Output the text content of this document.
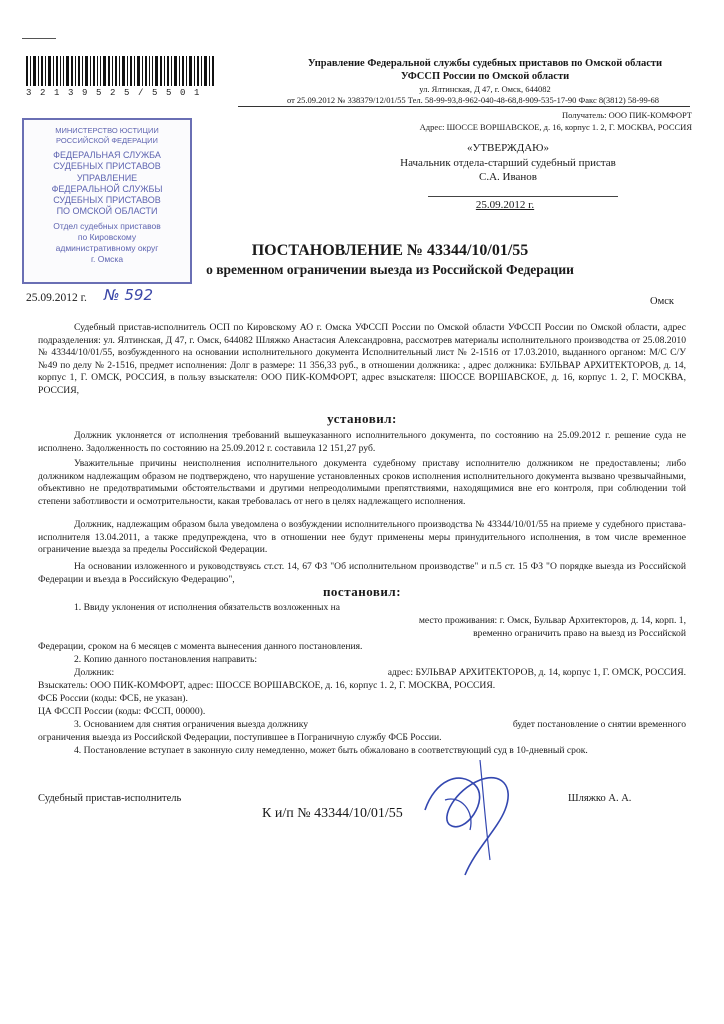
3 2 1 3 9 5 2 5 / 5 5 0 1
Управление Федеральной службы судебных приставов по Омской области
УФССП России по Омской области
ул. Ялтинская, Д 47, г. Омск, 644082
от 25.09.2012 № 338379/12/01/55 Тел. 58-99-93,8-962-040-48-68,8-909-535-17-90 Факс 8(3812) 58-99-68
Получатель: ООО ПИК-КОМФОРТ
Адрес: ШОССЕ ВОРШАВСКОЕ, д. 16, корпус 1. 2, Г. МОСКВА, РОССИЯ
МИНИСТЕРСТВО ЮСТИЦИИ
РОССИЙСКОЙ ФЕДЕРАЦИИ
ФЕДЕРАЛЬНАЯ СЛУЖБА
СУДЕБНЫХ ПРИСТАВОВ
УПРАВЛЕНИЕ
ФЕДЕРАЛЬНОЙ СЛУЖБЫ
СУДЕБНЫХ ПРИСТАВОВ
ПО ОМСКОЙ ОБЛАСТИ
Отдел судебных приставов
по Кировскому
административному округ
г. Омска
25.09.2012 г. № 592
«УТВЕРЖДАЮ»
Начальник отдела-старший судебный пристав
С.А. Иванов
25.09.2012 г.
ПОСТАНОВЛЕНИЕ № 43344/10/01/55
о временном ограничении выезда из Российской Федерации
Омск
Судебный пристав-исполнитель ОСП по Кировскому АО г. Омска УФССП России по Омской области УФССП России по Омской области, адрес подразделения: ул. Ялтинская, Д 47, г. Омск, 644082 Шляжко Анастасия Александровна, рассмотрев материалы исполнительного производства от 25.08.2010 № 43344/10/01/55, возбужденного на основании исполнительного документа Исполнительный лист № 2-1516 от 17.03.2010, выданного органом: М/С С/У №49 по делу № 2-1516, предмет исполнения: Долг в размере: 11 356,33 руб., в отношении должника: , адрес должника: БУЛЬВАР АРХИТЕКТОРОВ, д. 14, корпус 1, Г. ОМСК, РОССИЯ, в пользу взыскателя: ООО ПИК-КОМФОРТ, адрес взыскателя: ШОССЕ ВОРШАВСКОЕ, д. 16, корпус 1. 2, Г. МОСКВА, РОССИЯ,
установил:
Должник уклоняется от исполнения требований вышеуказанного исполнительного документа, по состоянию на 25.09.2012 г. решение суда не исполнено. Задолженность по состоянию на 25.09.2012 г. составила 12 151,27 руб.
Уважительные причины неисполнения исполнительного документа судебному приставу исполнителю должником не предоставлены; либо должником надлежащим образом не подтверждено, что нарушение установленных сроков исполнения исполнительного документа вызвано чрезвычайными, объективно не предотвратимыми обстоятельствами и другими непреодолимыми препятствиями, находящимися вне его контроля, при соблюдении той степени заботливости и осмотрительности, какая требовалась от него в целях надлежащего исполнения.
Должник, надлежащим образом была уведомлена о возбуждении исполнительного производства № 43344/10/01/55 на приеме у судебного пристава-исполнителя 13.04.2011, а также предупреждена, что в отношении нее будут применены меры принудительного исполнения, в том числе временное ограничение выезда за пределы Российской Федерации.
На основании изложенного и руководствуясь ст.ст. 14, 67 ФЗ "Об исполнительном производстве" и п.5 ст. 15 ФЗ "О порядке выезда из Российской Федерации и въезда в Российскую Федерацию",
постановил:
1. Ввиду уклонения от исполнения обязательств возложенных на
место проживания: г. Омск, Бульвар Архитекторов, д. 14, корп. 1,
временно ограничить право на выезд из Российской
Федерации, сроком на 6 месяцев с момента вынесения данного постановления.
2. Копию данного постановления направить:
Должник:	адрес: БУЛЬВАР АРХИТЕКТОРОВ, д. 14, корпус 1, Г. ОМСК, РОССИЯ.
Взыскатель: ООО ПИК-КОМФОРТ, адрес: ШОССЕ ВОРШАВСКОЕ, д. 16, корпус 1. 2, Г. МОСКВА, РОССИЯ.
ФСБ России (коды: ФСБ, не указан).
ЦА ФССП России (коды: ФССП, 00000).
3. Основанием для снятия ограничения выезда должнику	будет постановление о снятии временного
ограничения выезда из Российской Федерации, поступившее в Пограничную службу ФСБ России.
4. Постановление вступает в законную силу немедленно, может быть обжаловано в соответствующий суд в 10-дневный срок.
Судебный пристав-исполнитель	Шляжко А. А.
К и/п № 43344/10/01/55
